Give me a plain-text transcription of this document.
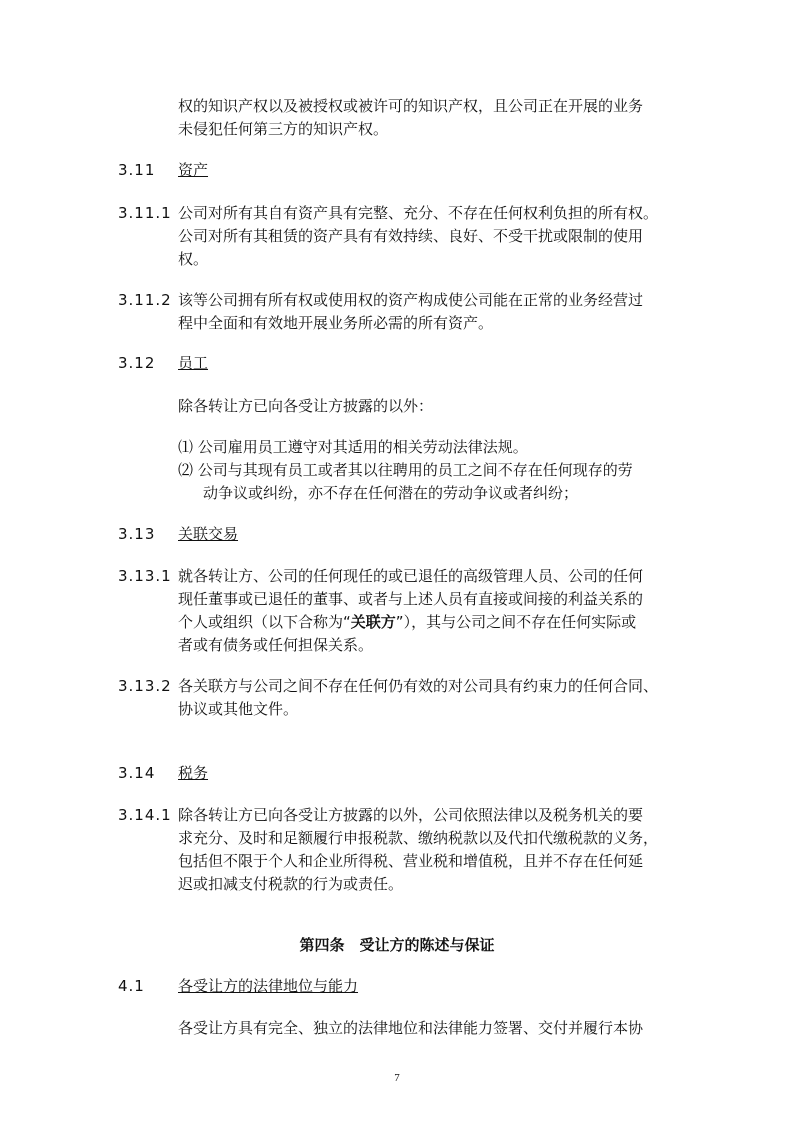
权的知识产权以及被授权或被许可的知识产权，且公司正在开展的业务
未侵犯任何第三方的知识产权。
3.11 资产
3.11.1 公司对所有其自有资产具有完整、充分、不存在任何权利负担的所有权。
公司对所有其租赁的资产具有有效持续、良好、不受干扰或限制的使用
权。
3.11.2 该等公司拥有所有权或使用权的资产构成使公司能在正常的业务经营过
程中全面和有效地开展业务所必需的所有资产。
3.12 员工
除各转让方已向各受让方披露的以外：
⑴ 公司雇用员工遵守对其适用的相关劳动法律法规。
⑵ 公司与其现有员工或者其以往聘用的员工之间不存在任何现存的劳
动争议或纠纷，亦不存在任何潜在的劳动争议或者纠纷；
3.13 关联交易
3.13.1 就各转让方、公司的任何现任的或已退任的高级管理人员、公司的任何
现任董事或已退任的董事、或者与上述人员有直接或间接的利益关系的
个人或组织（以下合称为“关联方”），其与公司之间不存在任何实际或
者或有债务或任何担保关系。
3.13.2 各关联方与公司之间不存在任何仍有效的对公司具有约束力的任何合同、
协议或其他文件。
3.14 税务
3.14.1 除各转让方已向各受让方披露的以外，公司依照法律以及税务机关的要
求充分、及时和足额履行申报税款、缴纳税款以及代扣代缴税款的义务，
包括但不限于个人和企业所得税、营业税和增值税，且并不存在任何延
迟或扣减支付税款的行为或责任。
第四条　受让方的陈述与保证
4.1 各受让方的法律地位与能力
各受让方具有完全、独立的法律地位和法律能力签署、交付并履行本协
7
